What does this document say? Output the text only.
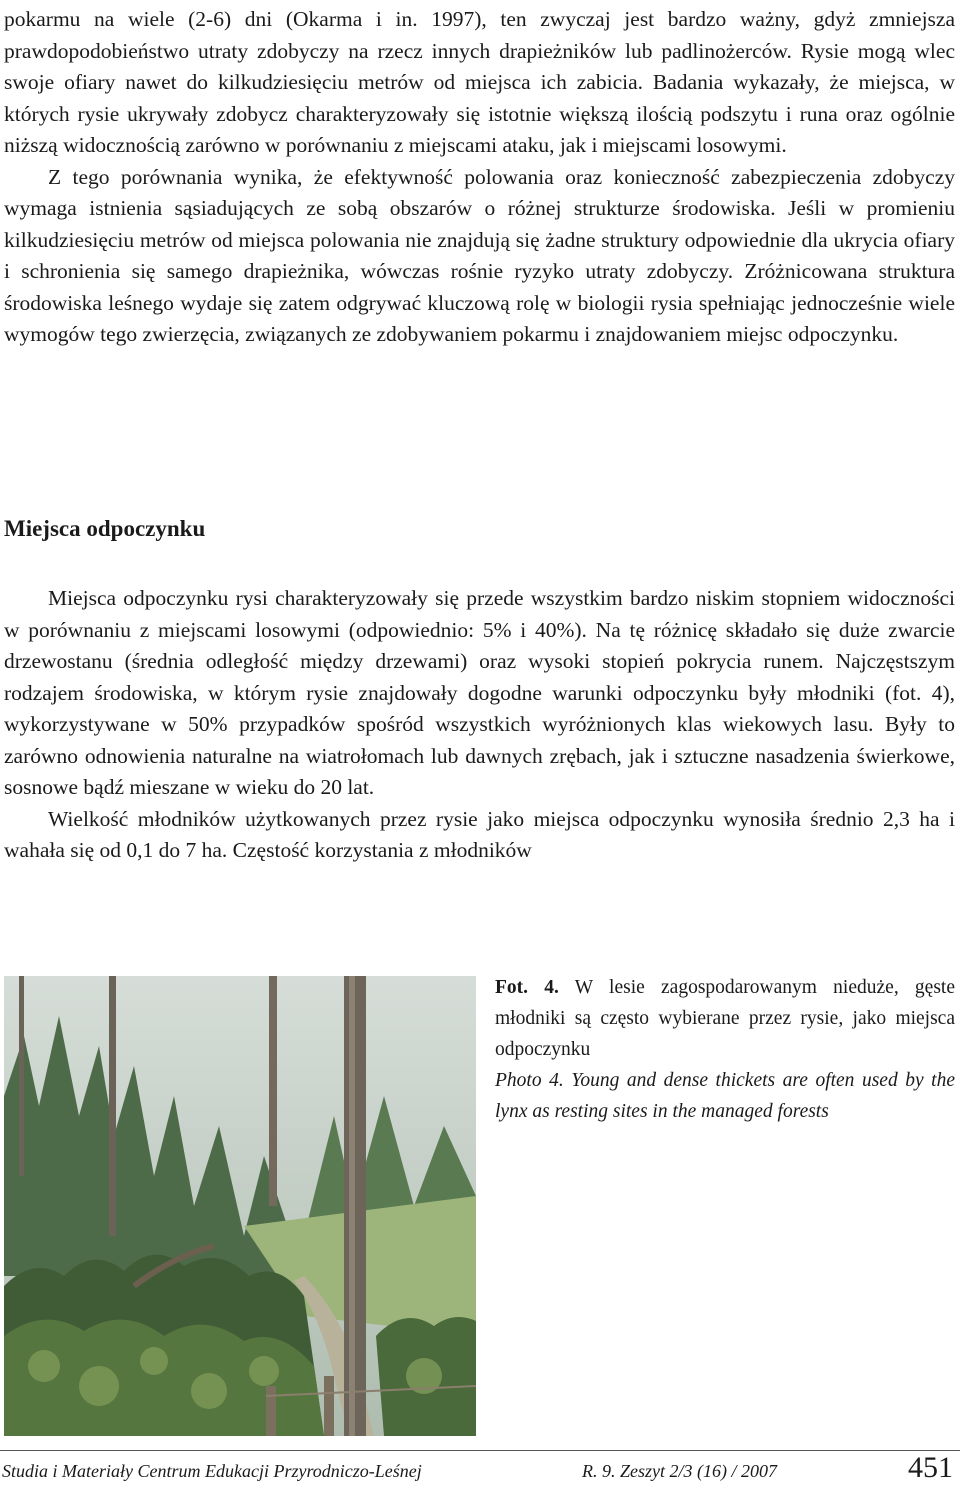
pokarmu na wiele (2-6) dni (Okarma i in. 1997), ten zwyczaj jest bardzo ważny, gdyż zmniejsza prawdopodobieństwo utraty zdobyczy na rzecz innych drapieżników lub padlinożerców. Rysie mogą wlec swoje ofiary nawet do kilkudziesięciu metrów od miejsca ich zabicia. Badania wykazały, że miejsca, w których rysie ukrywały zdobycz charakteryzowały się istotnie większą ilością podszytu i runa oraz ogólnie niższą widocznością zarówno w porównaniu z miejscami ataku, jak i miejscami losowymi.

Z tego porównania wynika, że efektywność polowania oraz konieczność zabezpieczenia zdobyczy wymaga istnienia sąsiadujących ze sobą obszarów o różnej strukturze środowiska. Jeśli w promieniu kilkudziesięciu metrów od miejsca polowania nie znajdują się żadne struktury odpowiednie dla ukrycia ofiary i schronienia się samego drapieżnika, wówczas rośnie ryzyko utraty zdobyczy. Zróżnicowana struktura środowiska leśnego wydaje się zatem odgrywać kluczową rolę w biologii rysia spełniając jednocześnie wiele wymogów tego zwierzęcia, związanych ze zdobywaniem pokarmu i znajdowaniem miejsc odpoczynku.

Miejsca odpoczynku

Miejsca odpoczynku rysi charakteryzowały się przede wszystkim bardzo niskim stopniem widoczności w porównaniu z miejscami losowymi (odpowiednio: 5% i 40%). Na tę różnicę składało się duże zwarcie drzewostanu (średnia odległość między drzewami) oraz wysoki stopień pokrycia runem. Najczęstszym rodzajem środowiska, w którym rysie znajdowały dogodne warunki odpoczynku były młodniki (fot. 4), wykorzystywane w 50% przypadków spośród wszystkich wyróżnionych klas wiekowych lasu. Były to zarówno odnowienia naturalne na wiatrołomach lub dawnych zrębach, jak i sztuczne nasadzenia świerkowe, sosnowe bądź mieszane w wieku do 20 lat.

Wielkość młodników użytkowanych przez rysie jako miejsca odpoczynku wynosiła średnio 2,3 ha i wahała się od 0,1 do 7 ha. Częstość korzystania z młodników

Fot. 4. W lesie zagospodarowanym nieduże, gęste młodniki są często wybierane przez rysie, jako miejsca odpoczynku

Photo 4. Young and dense thickets are often used by the lynx as resting sites in the managed forests

Studia i Materiały Centrum Edukacji Przyrodniczo-Leśnej	R. 9. Zeszyt 2/3 (16) / 2007	451
